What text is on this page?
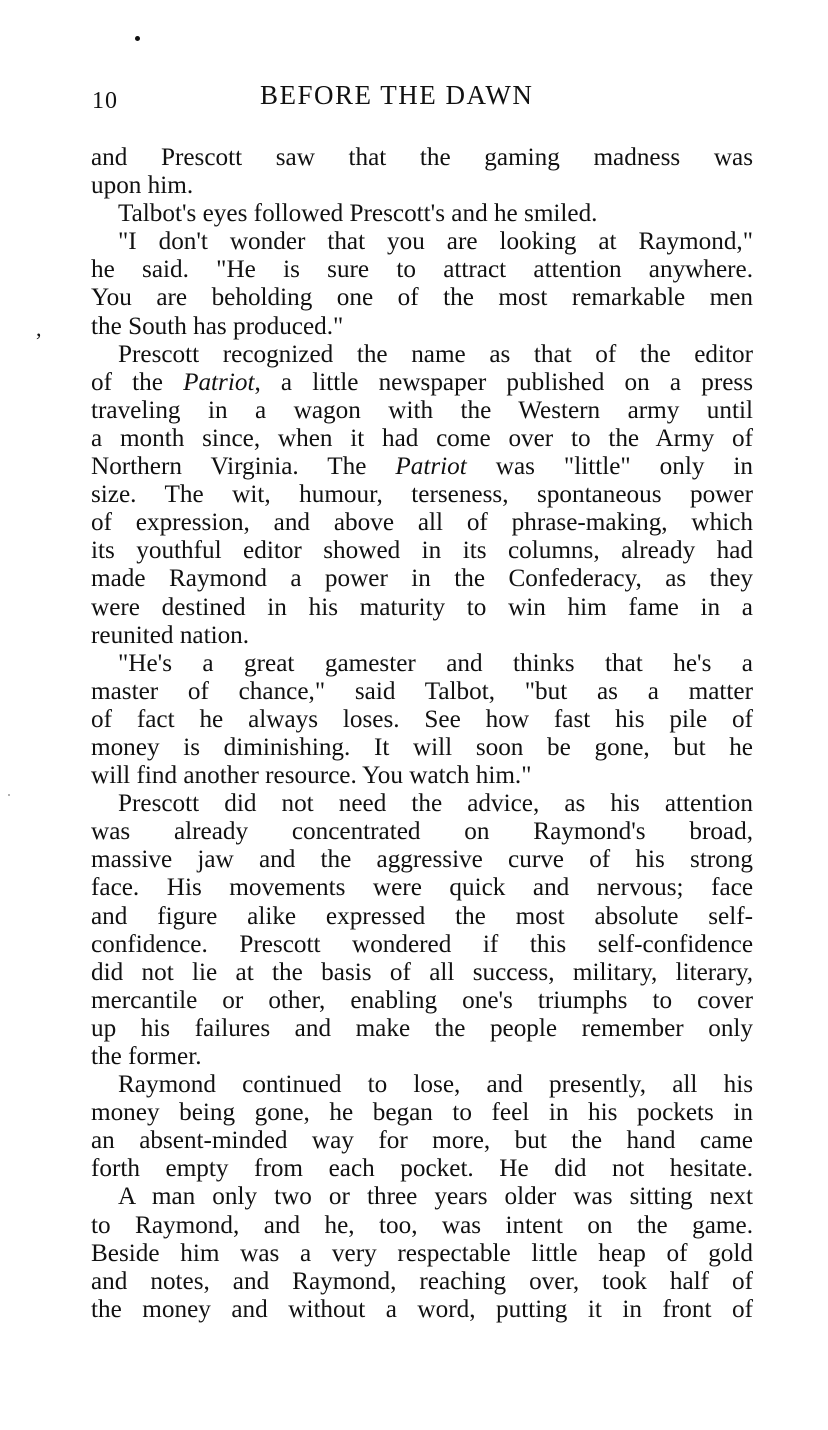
,
10	BEFORE THE DAWN
and Prescott saw that the gaming madness was
upon him.
Talbot's eyes followed Prescott's and he smiled.
"I don't wonder that you are looking at Raymond,"
he said. "He is sure to attract attention anywhere.
You are beholding one of the most remarkable men
the South has produced."
Prescott recognized the name as that of the editor
of the Patriot, a little newspaper published on a press
traveling in a wagon with the Western army until
a month since, when it had come over to the Army of
Northern Virginia. The Patriot was "little" only in
size. The wit, humour, terseness, spontaneous power
of expression, and above all of phrase-making, which
its youthful editor showed in its columns, already had
made Raymond a power in the Confederacy, as they
were destined in his maturity to win him fame in a
reunited nation.
"He's a great gamester and thinks that he's a
master of chance," said Talbot, "but as a matter
of fact he always loses. See how fast his pile of
money is diminishing. It will soon be gone, but he
will find another resource. You watch him."
Prescott did not need the advice, as his attention
was already concentrated on Raymond's broad,
massive jaw and the aggressive curve of his strong
face. His movements were quick and nervous; face
and figure alike expressed the most absolute self-
confidence. Prescott wondered if this self-confidence
did not lie at the basis of all success, military, literary,
mercantile or other, enabling one's triumphs to cover
up his failures and make the people remember only
the former.
Raymond continued to lose, and presently, all his
money being gone, he began to feel in his pockets in
an absent-minded way for more, but the hand came
forth empty from each pocket. He did not hesitate.
A man only two or three years older was sitting next
to Raymond, and he, too, was intent on the game.
Beside him was a very respectable little heap of gold
and notes, and Raymond, reaching over, took half of
the money and without a word, putting it in front of
